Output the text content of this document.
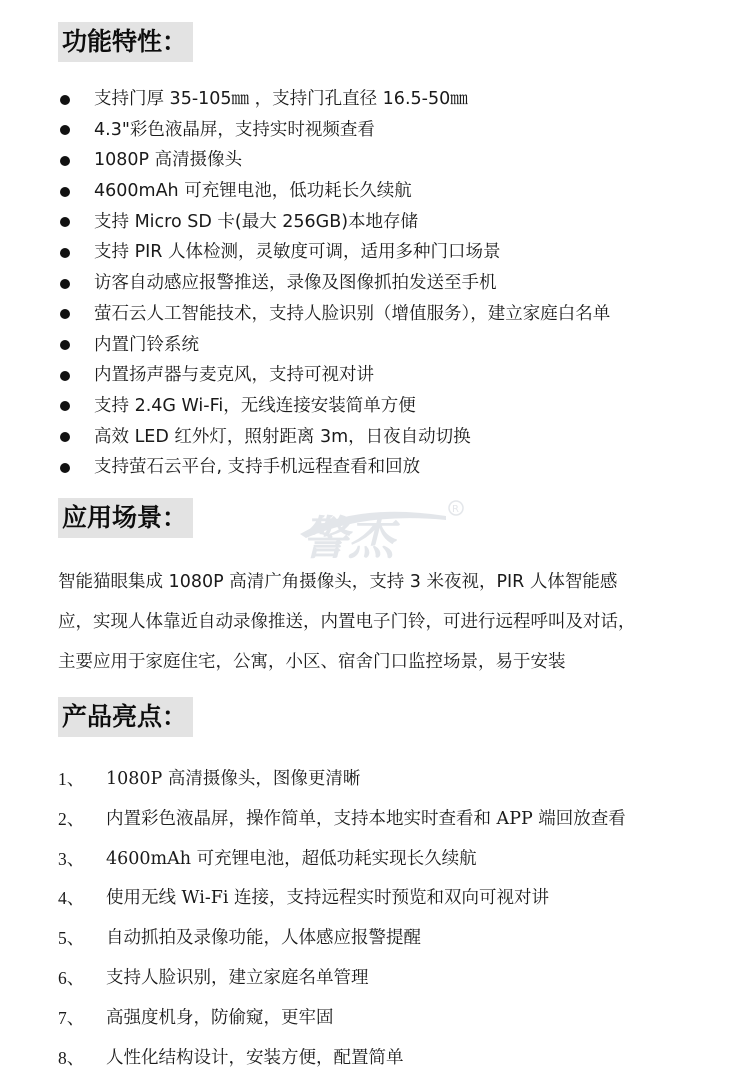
功能特性：
支持门厚 35-105㎜ ，支持门孔直径 16.5-50㎜
4.3"彩色液晶屏，支持实时视频查看
1080P 高清摄像头
4600mAh 可充锂电池，低功耗长久续航
支持 Micro SD 卡(最大 256GB)本地存储
支持 PIR 人体检测，灵敏度可调，适用多种门口场景
访客自动感应报警推送，录像及图像抓拍发送至手机
萤石云人工智能技术，支持人脸识别（增值服务），建立家庭白名单
内置门铃系统
内置扬声器与麦克风，支持可视对讲
支持 2.4G Wi-Fi，无线连接安装简单方便
高效 LED 红外灯，照射距离 3m，日夜自动切换
支持萤石云平台, 支持手机远程查看和回放
应用场景： 警杰
R
智能猫眼集成 1080P 高清广角摄像头，支持 3 米夜视，PIR 人体智能感
应，实现人体靠近自动录像推送，内置电子门铃，可进行远程呼叫及对话，
主要应用于家庭住宅，公寓，小区、宿舍门口监控场景，易于安装
产品亮点：
1、	1080P 高清摄像头，图像更清晰
2、	内置彩色液晶屏，操作简单，支持本地实时查看和 APP 端回放查看
3、	4600mAh 可充锂电池，超低功耗实现长久续航
4、	使用无线 Wi-Fi 连接，支持远程实时预览和双向可视对讲
5、	自动抓拍及录像功能，人体感应报警提醒
6、	支持人脸识别，建立家庭名单管理
7、	高强度机身，防偷窥，更牢固
8、	人性化结构设计，安装方便，配置简单
